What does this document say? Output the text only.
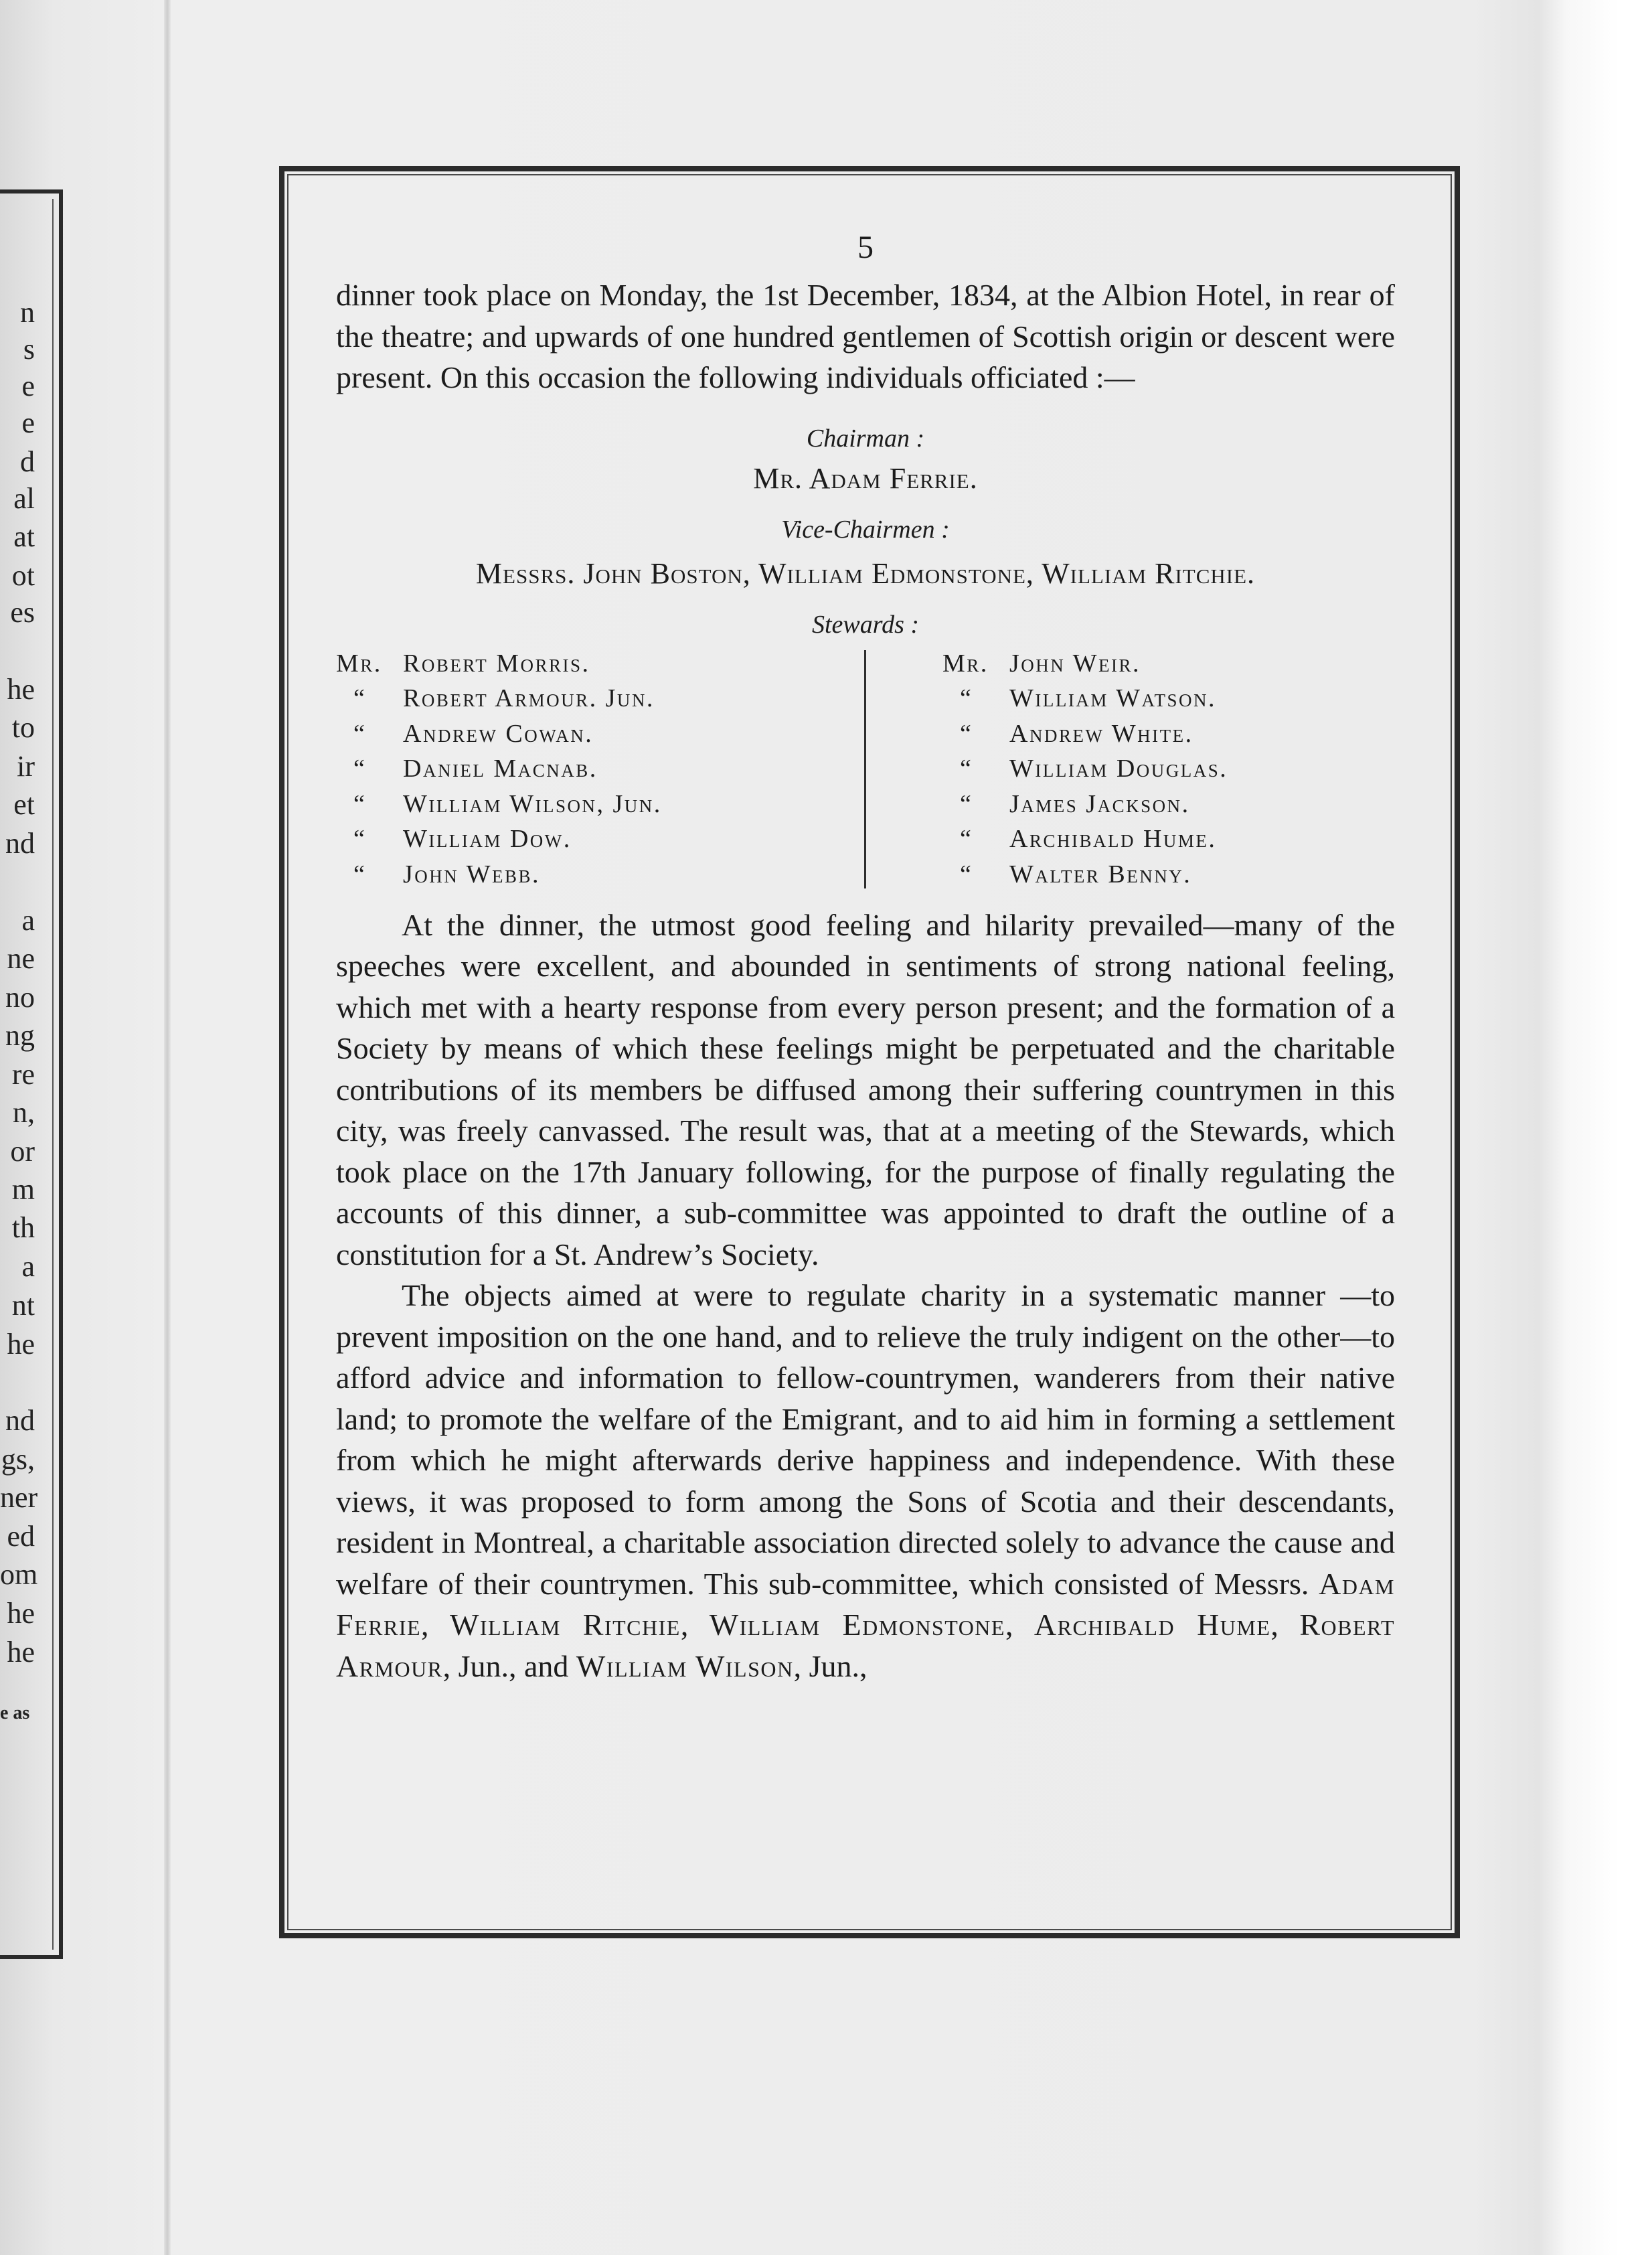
n
s
e
e
d
al
at
ot
es
he
to
ir
et
nd
a
ne
no
ng
re
n,
or
m
th
a
nt
he
nd
gs,
ner
ed
om
he
he
e as
5

dinner took place on Monday, the 1st December, 1834, at the Albion Hotel, in rear of the theatre; and upwards of one hundred gentlemen of Scottish origin or descent were present. On this occasion the following individuals officiated :—

Chairman :
Mr. Adam Ferrie.
Vice-Chairmen :
Messrs. John Boston, William Edmonstone, William Ritchie.
Stewards :
Mr. Robert Morris.
“	Robert Armour. Jun.
“	Andrew Cowan.
“	Daniel Macnab.
“	William Wilson, Jun.
“	William Dow.
“	John Webb.
Mr. John Weir.
“	William Watson.
“	Andrew White.
“	William Douglas.
“	James Jackson.
“	Archibald Hume.
“	Walter Benny.

At the dinner, the utmost good feeling and hilarity prevailed—many of the speeches were excellent, and abounded in sentiments of strong national feeling, which met with a hearty response from every person present; and the formation of a Society by means of which these feelings might be perpetuated and the charitable contributions of its members be diffused among their suffering countrymen in this city, was freely canvassed. The result was, that at a meeting of the Stewards, which took place on the 17th January following, for the purpose of finally regulating the accounts of this dinner, a sub-committee was appointed to draft the outline of a constitution for a St. Andrew’s Society.

The objects aimed at were to regulate charity in a systematic manner —to prevent imposition on the one hand, and to relieve the truly indigent on the other—to afford advice and information to fellow-countrymen, wanderers from their native land; to promote the welfare of the Emigrant, and to aid him in forming a settlement from which he might afterwards derive happiness and independence. With these views, it was proposed to form among the Sons of Scotia and their descendants, resident in Montreal, a charitable association directed solely to advance the cause and welfare of their countrymen. This sub-committee, which consisted of Messrs. Adam Ferrie, William Ritchie, William Edmonstone, Archibald Hume, Robert Armour, Jun., and William Wilson, Jun.,
